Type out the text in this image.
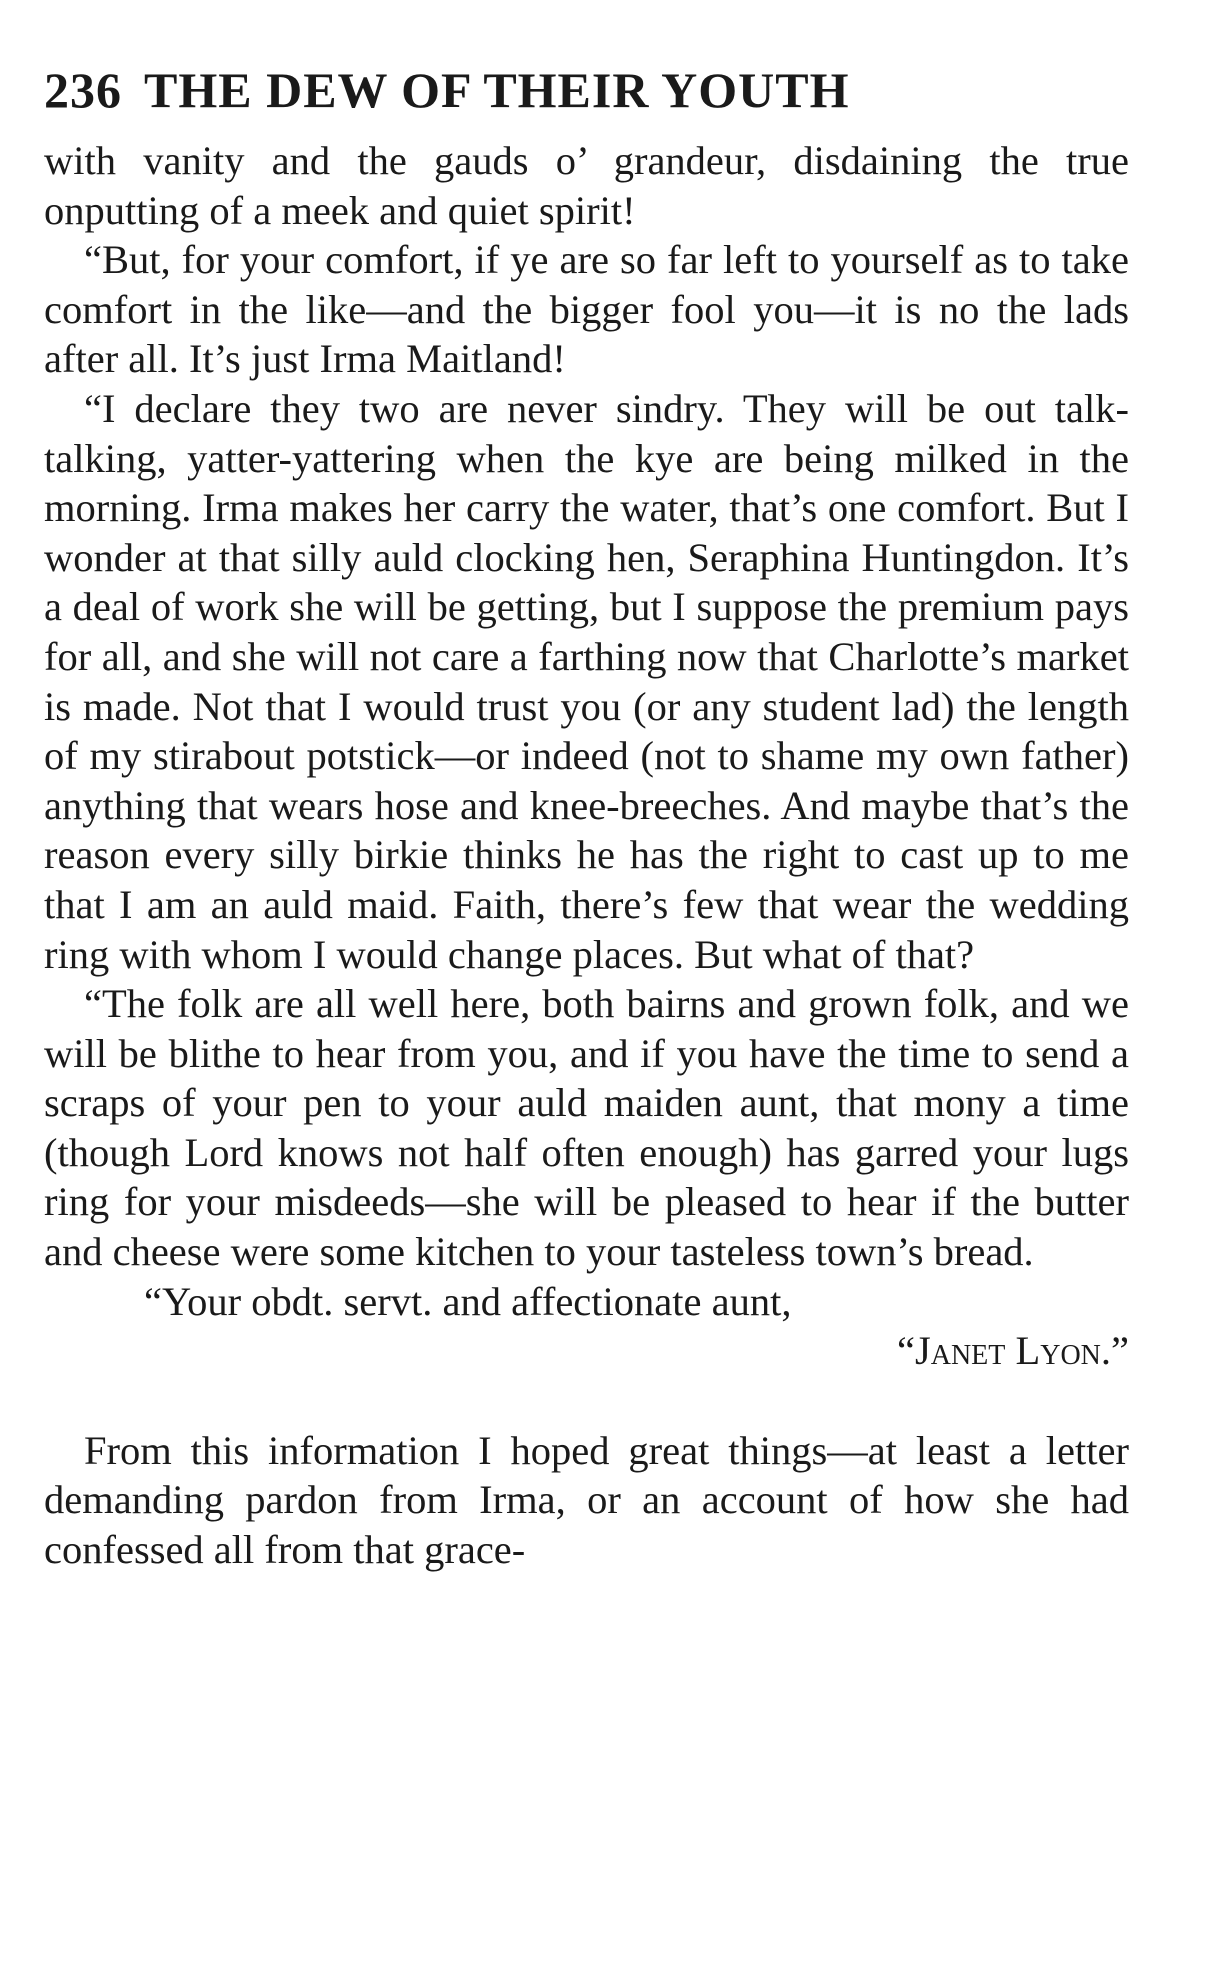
236 THE DEW OF THEIR YOUTH

with vanity and the gauds o’ grandeur, disdaining the true onputting of a meek and quiet spirit!

“But, for your comfort, if ye are so far left to yourself as to take comfort in the like—and the bigger fool you—it is no the lads after all. It’s just Irma Maitland!

“I declare they two are never sindry. They will be out talk-talking, yatter-yattering when the kye are being milked in the morning. Irma makes her carry the water, that’s one comfort. But I wonder at that silly auld clocking hen, Seraphina Huntingdon. It’s a deal of work she will be getting, but I suppose the premium pays for all, and she will not care a farthing now that Charlotte’s market is made. Not that I would trust you (or any student lad) the length of my stirabout potstick—or indeed (not to shame my own father) anything that wears hose and knee-breeches. And maybe that’s the reason every silly birkie thinks he has the right to cast up to me that I am an auld maid. Faith, there’s few that wear the wedding ring with whom I would change places. But what of that?

“The folk are all well here, both bairns and grown folk, and we will be blithe to hear from you, and if you have the time to send a scraps of your pen to your auld maiden aunt, that mony a time (though Lord knows not half often enough) has garred your lugs ring for your misdeeds—she will be pleased to hear if the butter and cheese were some kitchen to your tasteless town’s bread.

“Your obdt. servt. and affectionate aunt,

“Janet Lyon.”

From this information I hoped great things—at least a letter demanding pardon from Irma, or an account of how she had confessed all from that grace-
